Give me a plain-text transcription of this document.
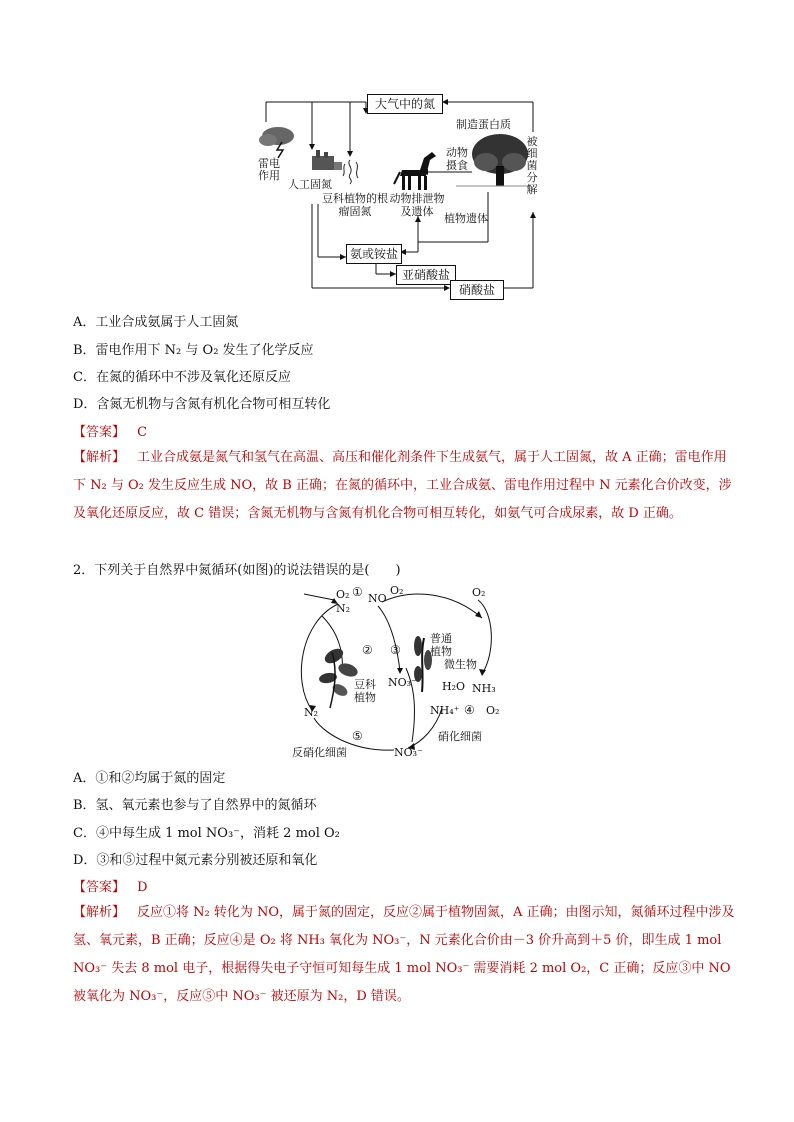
大气中的氮
制造蛋白质
雷电作用
人工固氮
豆科植物的根瘤固氮
动物摄食
动物排泄物及遗体
植物遗体
被细菌分解
氨或铵盐
亚硝酸盐
硝酸盐
A．工业合成氨属于人工固氮
B．雷电作用下 N₂ 与 O₂ 发生了化学反应
C．在氮的循环中不涉及氧化还原反应
D．含氮无机物与含氮有机化合物可相互转化
【答案】 C
【解析】 工业合成氨是氮气和氢气在高温、高压和催化剂条件下生成氨气，属于人工固氮，故 A 正确；雷电作用下 N₂ 与 O₂ 发生反应生成 NO，故 B 正确；在氮的循环中，工业合成氨、雷电作用过程中 N 元素化合价改变，涉及氧化还原反应，故 C 错误；含氮无机物与含氮有机化合物可相互转化，如氨气可合成尿素，故 D 正确。
2．下列关于自然界中氮循环(如图)的说法错误的是(　　)
O₂ ① NO
O₂
N₂
② ③
普通植物
微生物
O₂
NO₃⁻ H₂O NH₃
NH₄⁺ ④ O₂
豆科植物
N₂
⑤
反硝化细菌	NO₃⁻
硝化细菌
A．①和②均属于氮的固定
B．氢、氧元素也参与了自然界中的氮循环
C．④中每生成 1 mol NO₃⁻，消耗 2 mol O₂
D．③和⑤过程中氮元素分别被还原和氧化
【答案】 D
【解析】 反应①将 N₂ 转化为 NO，属于氮的固定，反应②属于植物固氮，A 正确；由图示知，氮循环过程中涉及氢、氧元素，B 正确；反应④是 O₂ 将 NH₃ 氧化为 NO₃⁻，N 元素化合价由－3 价升高到＋5 价，即生成 1 mol NO₃⁻ 失去 8 mol 电子，根据得失电子守恒可知每生成 1 mol NO₃⁻ 需要消耗 2 mol O₂，C 正确；反应③中 NO 被氧化为 NO₃⁻，反应⑤中 NO₃⁻ 被还原为 N₂，D 错误。
